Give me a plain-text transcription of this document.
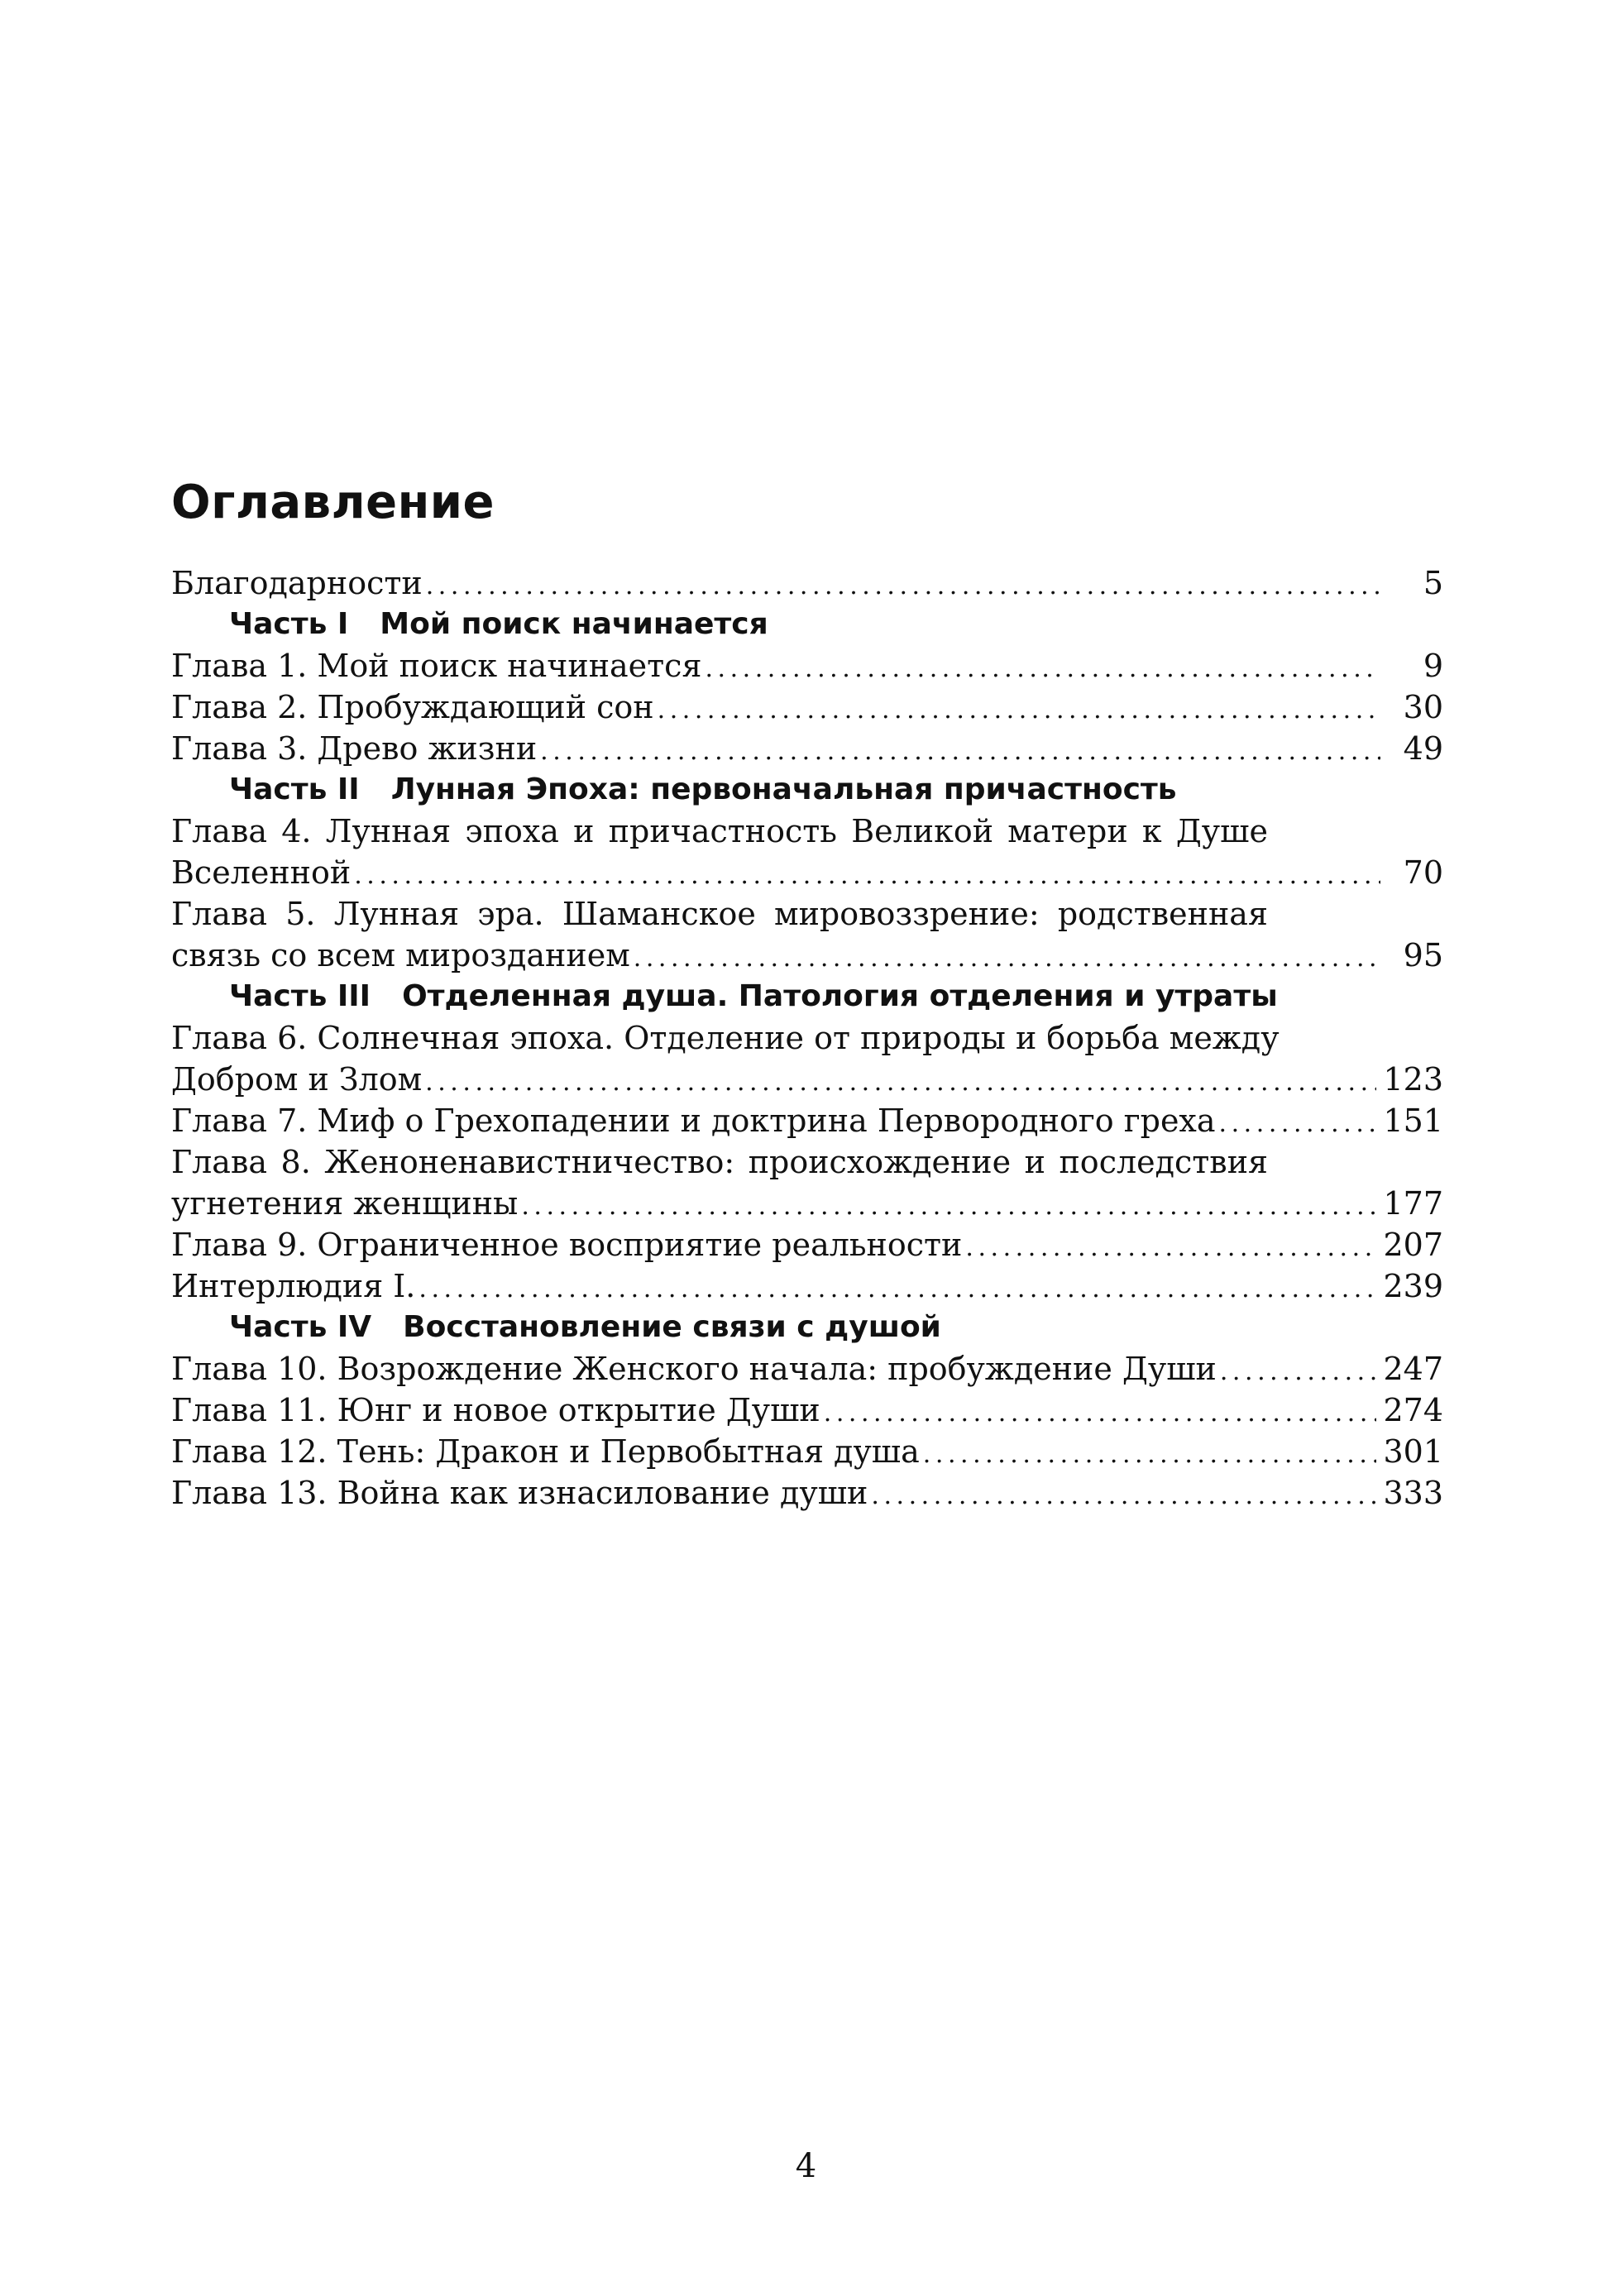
Оглавление
Благодарности . . .	5
Часть I Мой поиск начинается
Глава 1. Мой поиск начинается . . .	9
Глава 2. Пробуждающий сон . . .	30
Глава 3. Древо жизни . . .	49
Часть II Лунная Эпоха: первоначальная причастность
Глава 4. Лунная эпоха и причастность Великой матери к Душе
Вселенной . . .	70
Глава 5. Лунная эра. Шаманское мировоззрение: родственная
связь со всем мирозданием . . .	95
Часть III Отделенная душа. Патология отделения и утраты
Глава 6. Солнечная эпоха. Отделение от природы и борьба между
Добром и Злом . . .	123
Глава 7. Миф о Грехопадении и доктрина Первородного греха . . .	151
Глава 8. Женоненавистничество: происхождение и последствия
угнетения женщины . . .	177
Глава 9. Ограниченное восприятие реальности . . .	207
Интерлюдия I. . . .	239
Часть IV Восстановление связи с душой
Глава 10. Возрождение Женского начала: пробуждение Души . . .	247
Глава 11. Юнг и новое открытие Души . . .	274
Глава 12. Тень: Дракон и Первобытная душа . . .	301
Глава 13. Война как изнасилование души . . .	333
4
